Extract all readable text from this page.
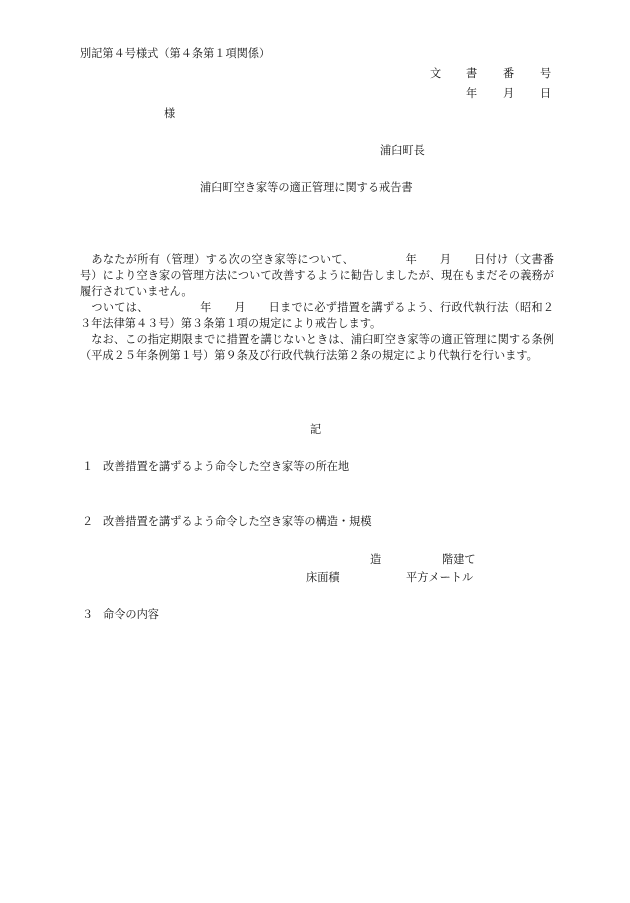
別記第４号様式（第４条第１項関係）
文 書 番 号
年 月 日
様
浦臼町長
浦臼町空き家等の適正管理に関する戒告書
　あなたが所有（管理）する次の空き家等について、　　　　　年　　月　　日付け（文書番号）により空き家の管理方法について改善するように勧告しましたが、現在もまだその義務が履行されていません。
　ついては、　　　　　年　　月　　日までに必ず措置を講ずるよう、行政代執行法（昭和２３年法律第４３号）第３条第１項の規定により戒告します。
　なお、この指定期限までに措置を講じないときは、浦臼町空き家等の適正管理に関する条例（平成２５年条例第１号）第９条及び行政代執行法第２条の規定により代執行を行います。
記
１ 改善措置を講ずるよう命令した空き家等の所在地
２ 改善措置を講ずるよう命令した空き家等の構造・規模
造	階建て
床面積	平方メートル
３ 命令の内容
